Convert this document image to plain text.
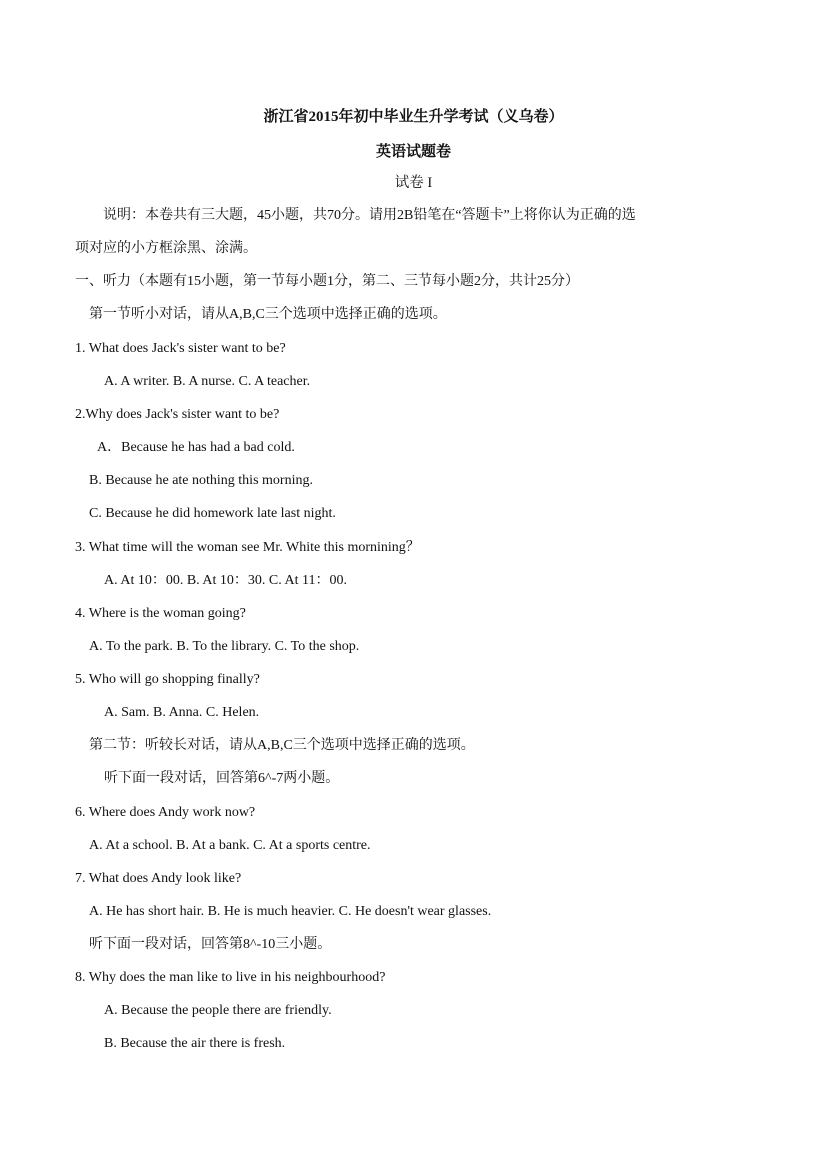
浙江省2015年初中毕业生升学考试（义乌卷）
英语试题卷
试卷 I
说明：本卷共有三大题，45小题，共70分。请用2B铅笔在“答题卡”上将你认为正确的选
项对应的小方框涂黑、涂满。
一、听力（本题有15小题，第一节每小题1分，第二、三节每小题2分，共计25分）
第一节听小对话，请从A,B,C三个选项中选择正确的选项。
1. What does Jack's sister want to be?
A. A writer. B. A nurse. C. A teacher.
2.Why does Jack's sister want to be?
A．Because he has had a bad cold.
B. Because he ate nothing this morning.
C. Because he did homework late last night.
3. What time will the woman see Mr. White this mornining？
A. At 10：00. B. At 10：30. C. At 11：00.
4. Where is the woman going?
A. To the park. B. To the library. C. To the shop.
5. Who will go shopping finally?
A. Sam. B. Anna. C. Helen.
第二节：听较长对话，请从A,B,C三个选项中选择正确的选项。
听下面一段对话，回答第6^-7两小题。
6. Where does Andy work now?
A. At a school. B. At a bank. C. At a sports centre.
7. What does Andy look like?
A. He has short hair. B. He is much heavier. C. He doesn't wear glasses.
听下面一段对话，回答第8^-10三小题。
8. Why does the man like to live in his neighbourhood?
A. Because the people there are friendly.
B. Because the air there is fresh.
